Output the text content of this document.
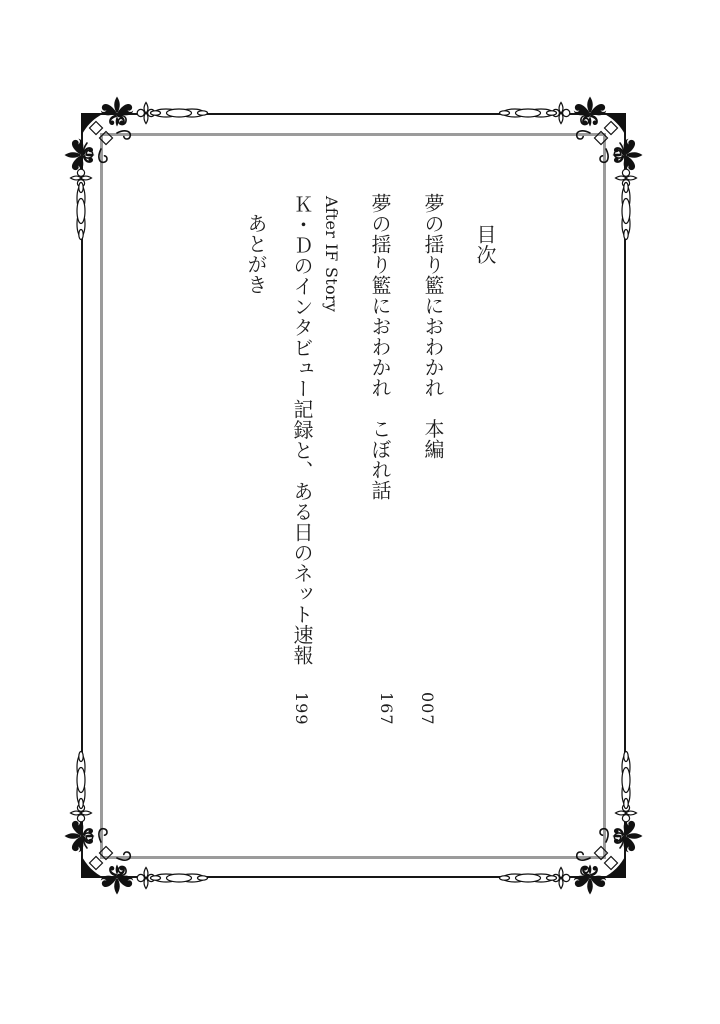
目次
夢の揺り籃におわかれ　本編
夢の揺り籃におわかれ　こぼれ話
After IF Story
Ｋ・Ｄのインタビュー記録と、ある日のネット速報
あとがき
007
167
199
